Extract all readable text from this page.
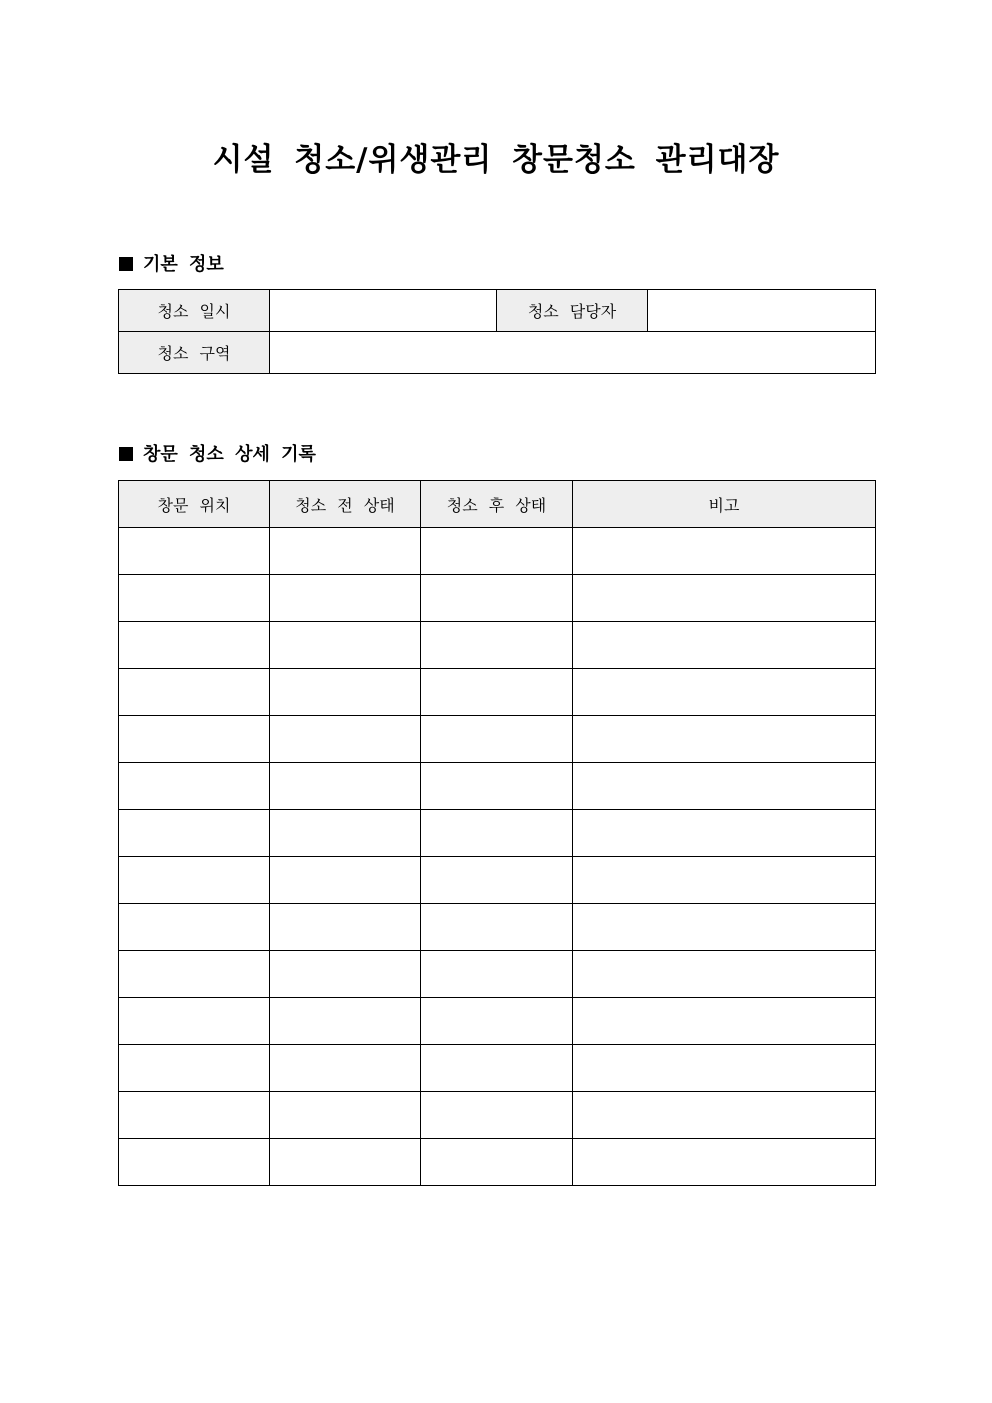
시설 청소/위생관리 창문청소 관리대장
기본 정보
청소 일시		청소 담당자	
청소 구역			
창문 청소 상세 기록
창문 위치	청소 전 상태	청소 후 상태	비고
